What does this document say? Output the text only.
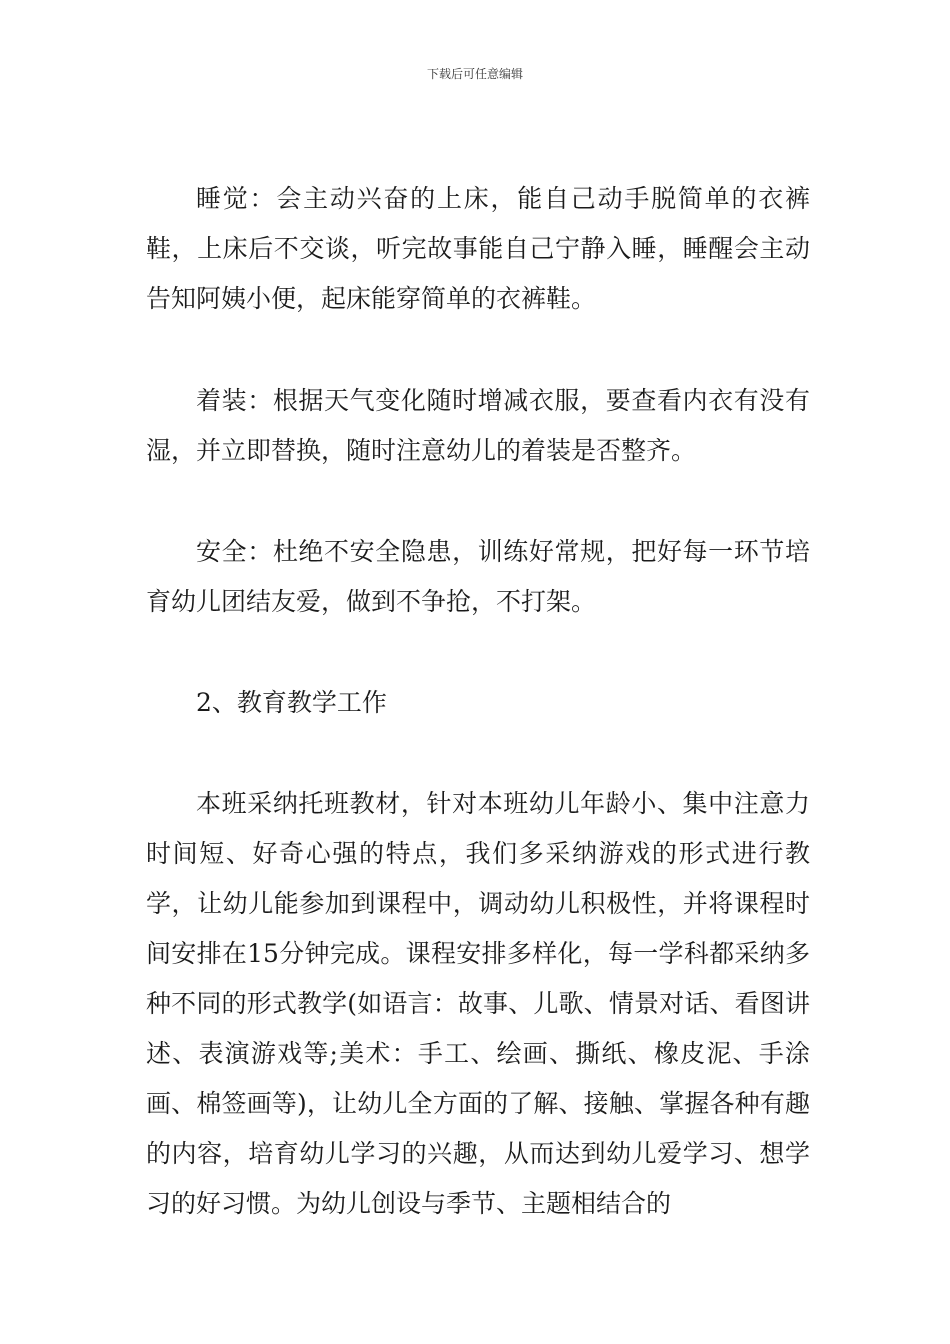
下载后可任意编辑

睡觉：会主动兴奋的上床，能自己动手脱简单的衣裤鞋，上床后不交谈，听完故事能自己宁静入睡，睡醒会主动告知阿姨小便，起床能穿简单的衣裤鞋。

着装：根据天气变化随时增减衣服，要查看内衣有没有湿，并立即替换，随时注意幼儿的着装是否整齐。

安全：杜绝不安全隐患，训练好常规，把好每一环节培育幼儿团结友爱，做到不争抢，不打架。

2、教育教学工作

本班采纳托班教材，针对本班幼儿年龄小、集中注意力时间短、好奇心强的特点，我们多采纳游戏的形式进行教学，让幼儿能参加到课程中，调动幼儿积极性，并将课程时间安排在15分钟完成。课程安排多样化，每一学科都采纳多种不同的形式教学(如语言：故事、儿歌、情景对话、看图讲述、表演游戏等;美术：手工、绘画、撕纸、橡皮泥、手涂画、棉签画等)，让幼儿全方面的了解、接触、掌握各种有趣的内容，培育幼儿学习的兴趣，从而达到幼儿爱学习、想学习的好习惯。为幼儿创设与季节、主题相结合的
